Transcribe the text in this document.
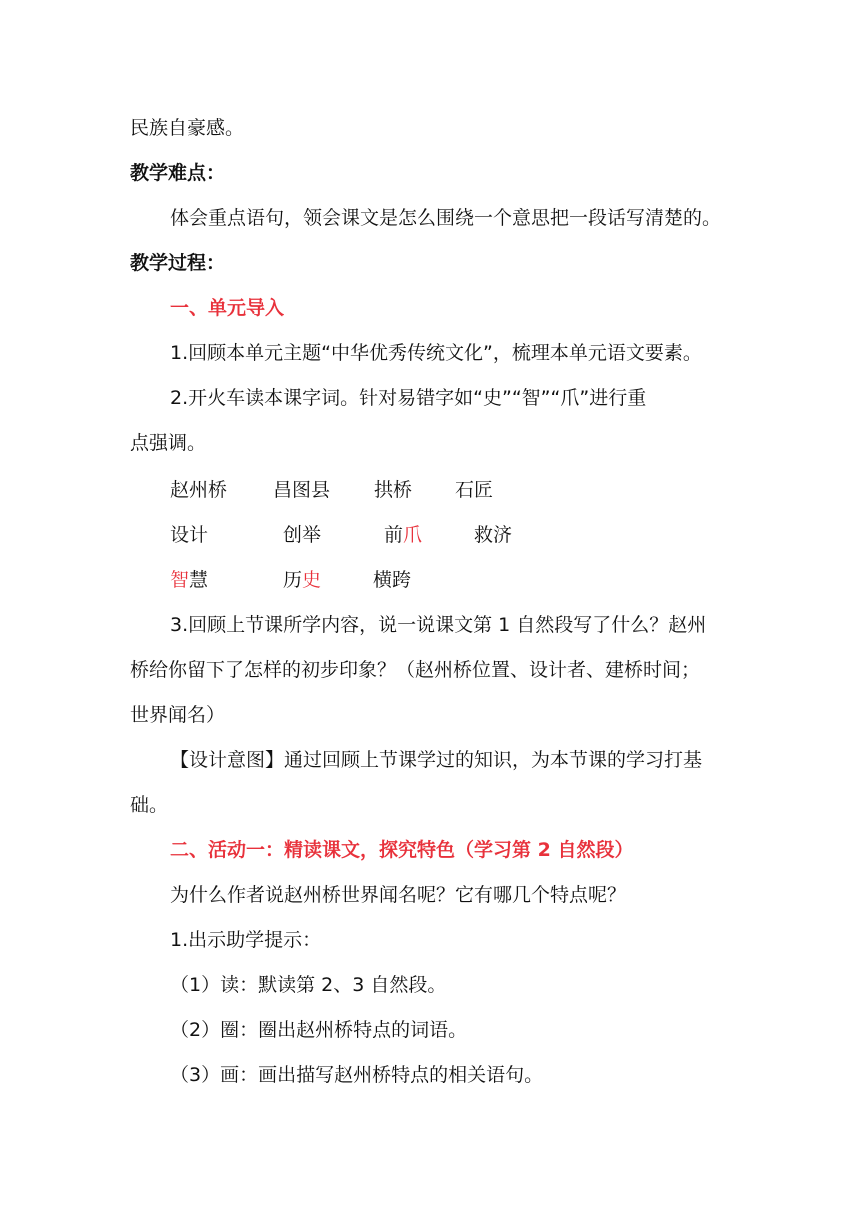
民族自豪感。
教学难点：
体会重点语句，领会课文是怎么围绕一个意思把一段话写清楚的。
教学过程：
一、单元导入
1.回顾本单元主题“中华优秀传统文化”，梳理本单元语文要素。
2.开火车读本课字词。针对易错字如“史”“智”“爪”进行重
点强调。
赵州桥 昌图县 拱桥 石匠
设计	创举	前 爪	救济
智 慧	历 史	横跨
3.回顾上节课所学内容，说一说课文第 1 自然段写了什么？赵州
桥给你留下了怎样的初步印象？（赵州桥位置、设计者、建桥时间；
世界闻名）
【设计意图】通过回顾上节课学过的知识，为本节课的学习打基
础。
二、活动一：精读课文，探究特色（学习第 2 自然段）
为什么作者说赵州桥世界闻名呢？它有哪几个特点呢？
1.出示助学提示：
（1）读：默读第 2、3 自然段。
（2）圈：圈出赵州桥特点的词语。
（3）画：画出描写赵州桥特点的相关语句。
